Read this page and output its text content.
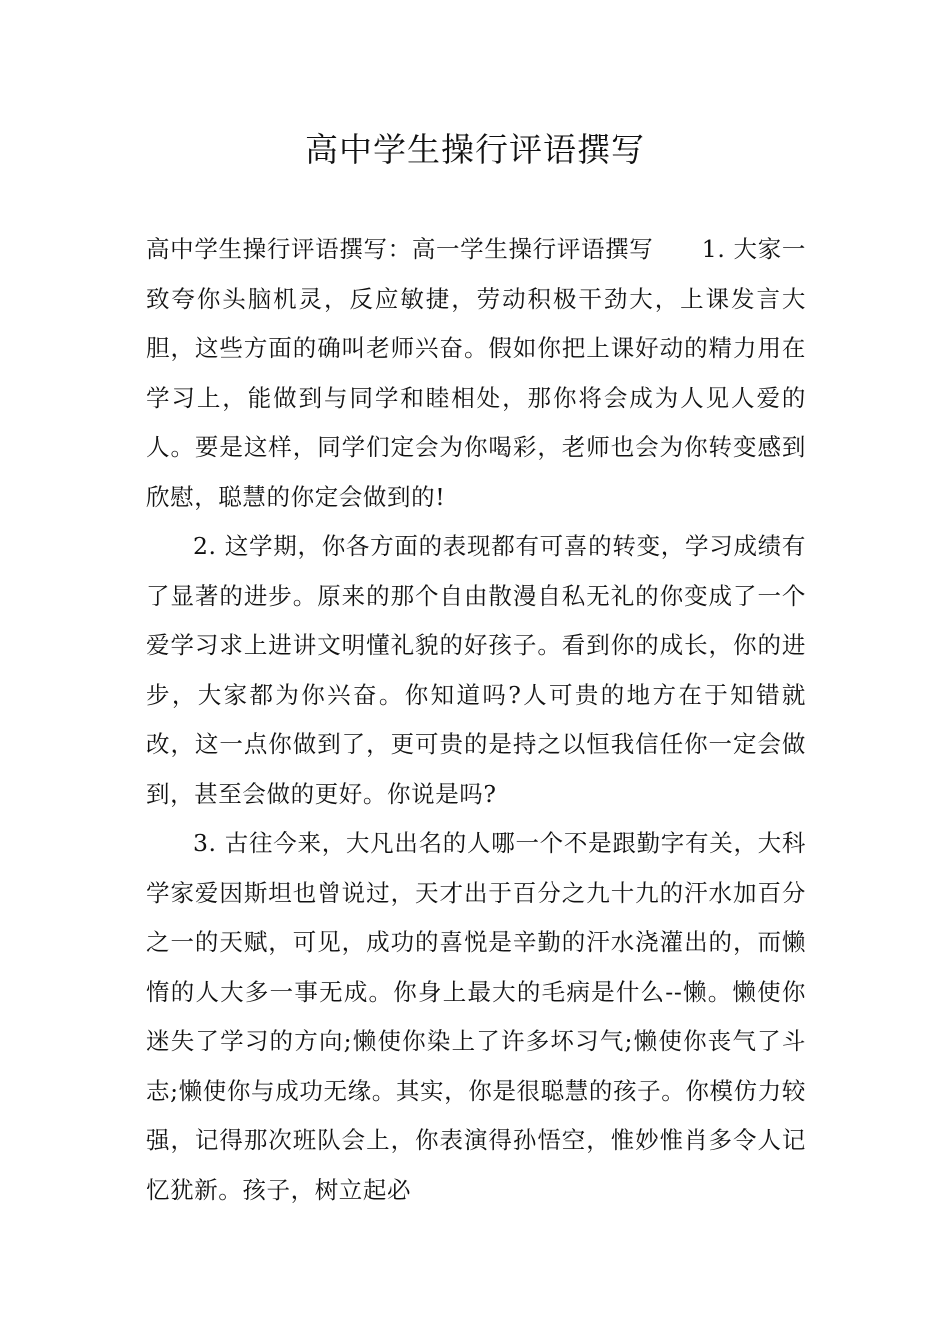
高中学生操行评语撰写

高中学生操行评语撰写：高一学生操行评语撰写　　1. 大家一致夸你头脑机灵，反应敏捷，劳动积极干劲大，上课发言大胆，这些方面的确叫老师兴奋。假如你把上课好动的精力用在学习上，能做到与同学和睦相处，那你将会成为人见人爱的人。要是这样，同学们定会为你喝彩，老师也会为你转变感到欣慰，聪慧的你定会做到的!

2. 这学期，你各方面的表现都有可喜的转变，学习成绩有了显著的进步。原来的那个自由散漫自私无礼的你变成了一个爱学习求上进讲文明懂礼貌的好孩子。看到你的成长，你的进步，大家都为你兴奋。你知道吗?人可贵的地方在于知错就改，这一点你做到了，更可贵的是持之以恒我信任你一定会做到，甚至会做的更好。你说是吗?

3. 古往今来，大凡出名的人哪一个不是跟勤字有关，大科学家爱因斯坦也曾说过，天才出于百分之九十九的汗水加百分之一的天赋，可见，成功的喜悦是辛勤的汗水浇灌出的，而懒惰的人大多一事无成。你身上最大的毛病是什么--懒。懒使你迷失了学习的方向;懒使你染上了许多坏习气;懒使你丧气了斗志;懒使你与成功无缘。其实，你是很聪慧的孩子。你模仿力较强，记得那次班队会上，你表演得孙悟空，惟妙惟肖多令人记忆犹新。孩子，树立起必
